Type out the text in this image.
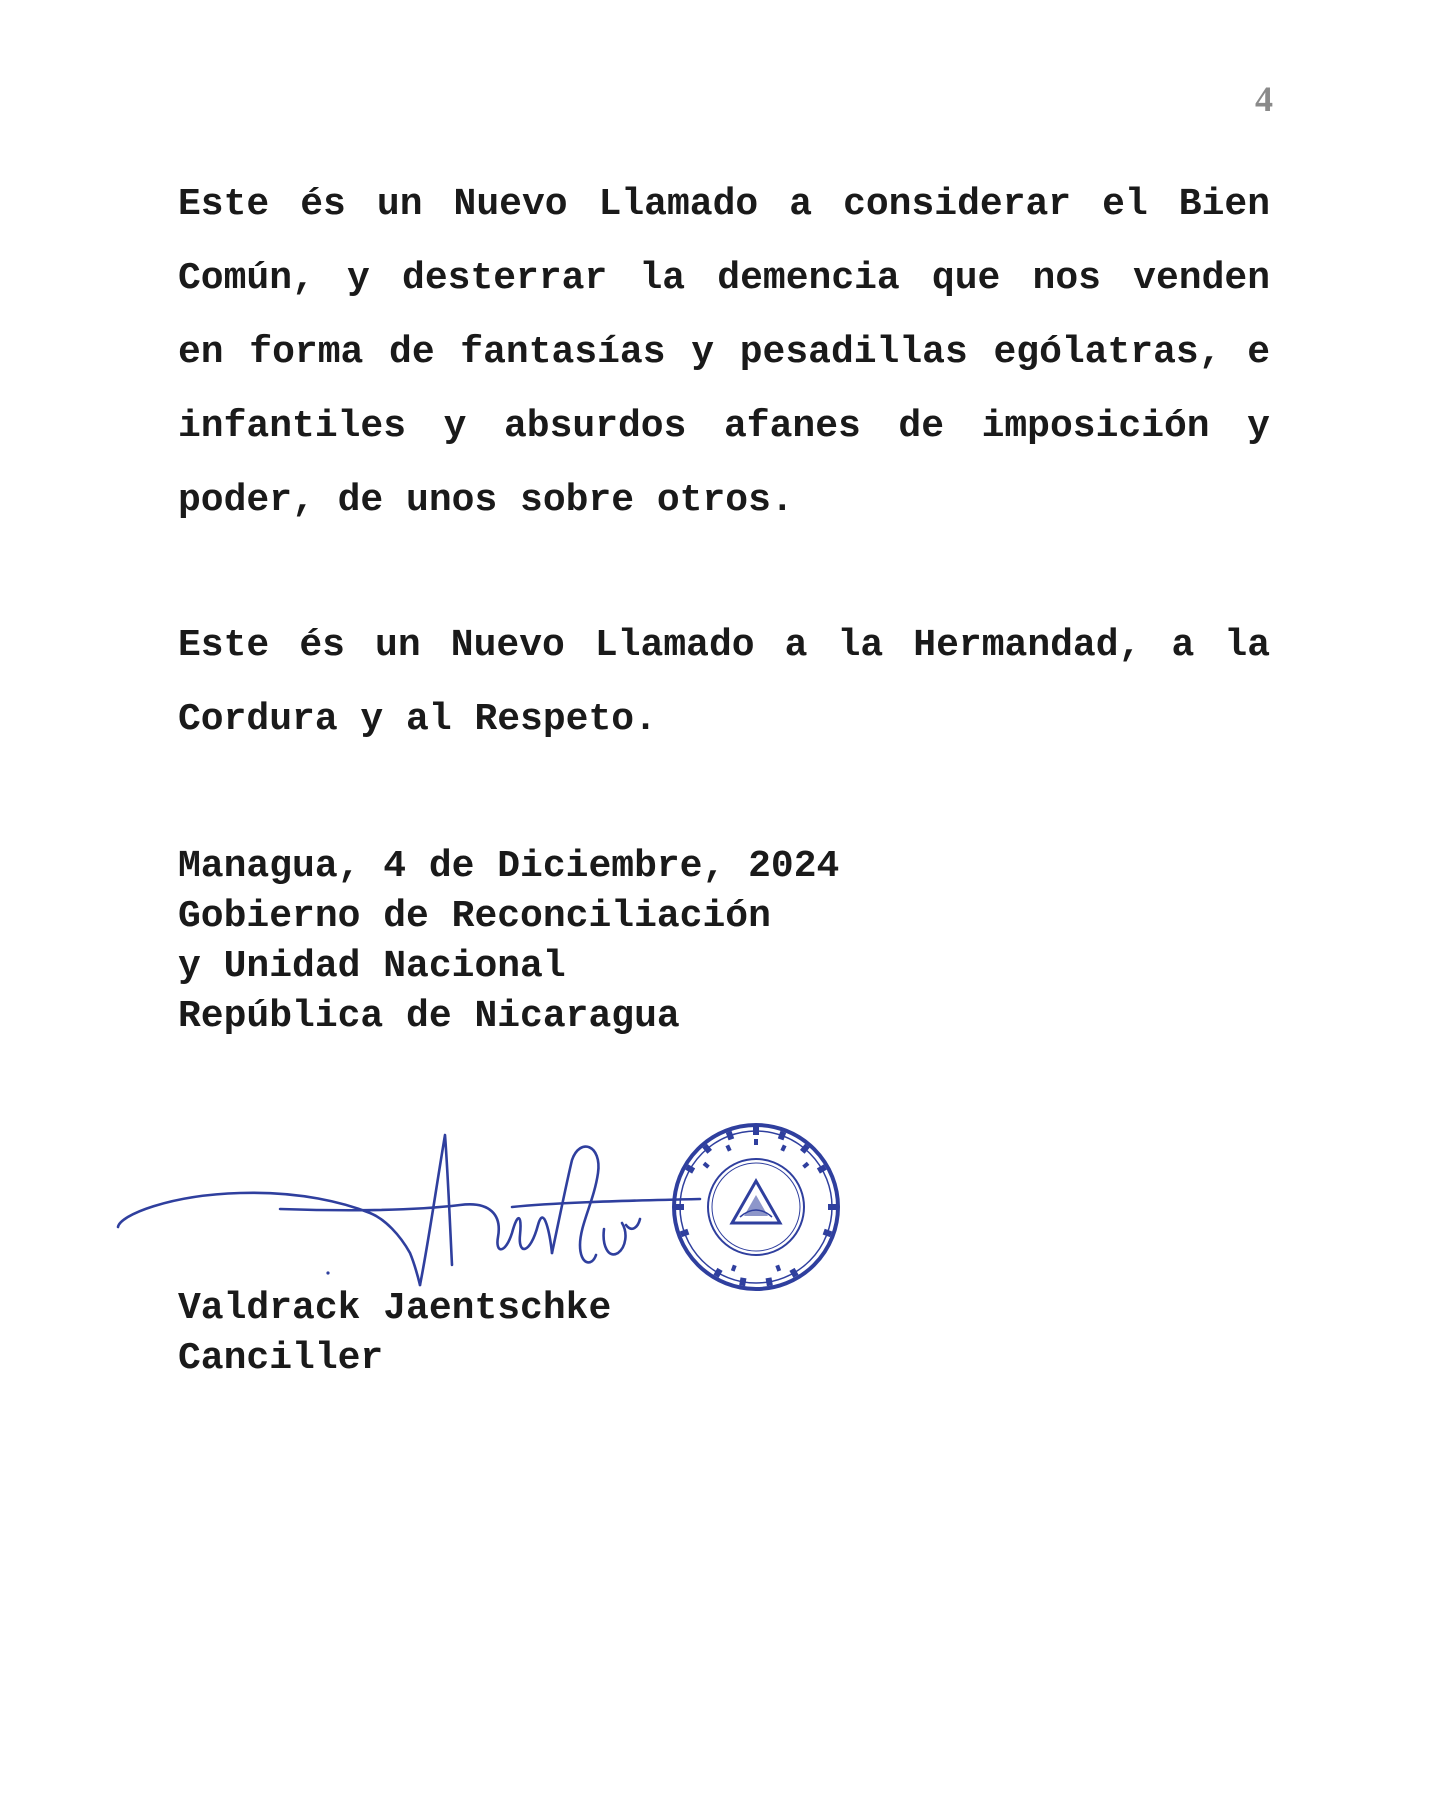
4

Este és un Nuevo Llamado a considerar el Bien Común, y desterrar la demencia que nos venden en forma de fantasías y pesadillas ególatras, e infantiles y absurdos afanes de imposición y poder, de unos sobre otros.

Este és un Nuevo Llamado a la Hermandad, a la Cordura y al Respeto.

Managua, 4 de Diciembre, 2024
Gobierno de Reconciliación
y Unidad Nacional
República de Nicaragua
Valdrack Jaentschke
Canciller
